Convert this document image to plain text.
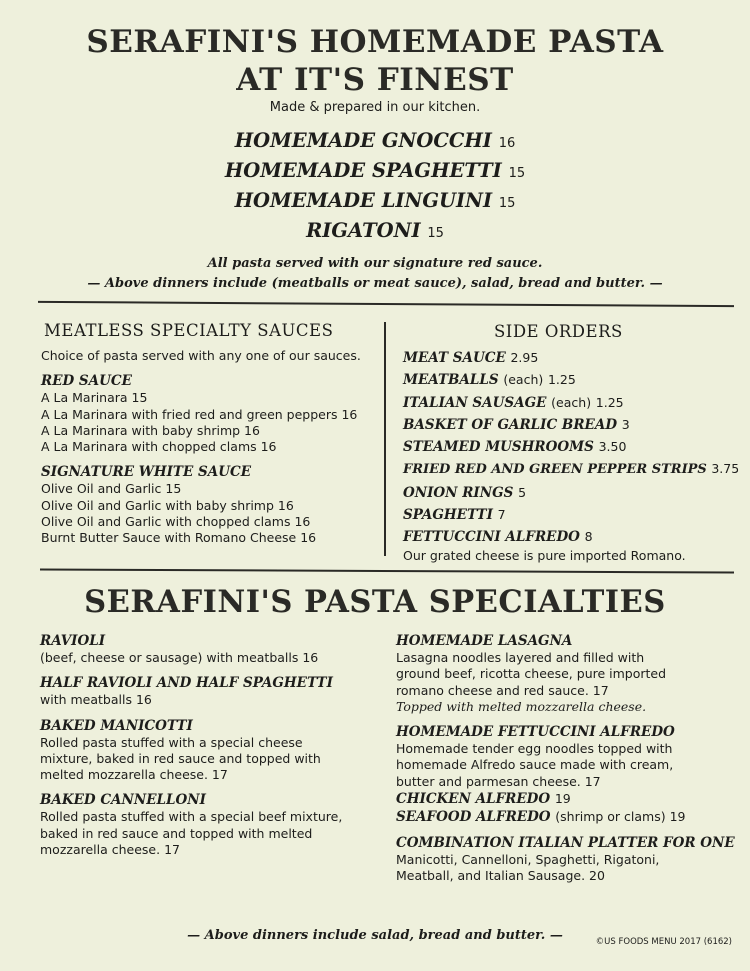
SERAFINI'S HOMEMADE PASTA
AT IT'S FINEST
Made & prepared in our kitchen.
HOMEMADE GNOCCHI 16
HOMEMADE SPAGHETTI 15
HOMEMADE LINGUINI 15
RIGATONI 15
All pasta served with our signature red sauce.
— Above dinners include (meatballs or meat sauce), salad, bread and butter. —
MEATLESS SPECIALTY SAUCES
Choice of pasta served with any one of our sauces.
RED SAUCE
A La Marinara 15
A La Marinara with fried red and green peppers 16
A La Marinara with baby shrimp 16
A La Marinara with chopped clams 16
SIGNATURE WHITE SAUCE
Olive Oil and Garlic 15
Olive Oil and Garlic with baby shrimp 16
Olive Oil and Garlic with chopped clams 16
Burnt Butter Sauce with Romano Cheese 16
SIDE ORDERS
MEAT SAUCE 2.95
MEATBALLS (each) 1.25
ITALIAN SAUSAGE (each) 1.25
BASKET OF GARLIC BREAD 3
STEAMED MUSHROOMS 3.50
FRIED RED AND GREEN PEPPER STRIPS 3.75
ONION RINGS 5
SPAGHETTI 7
FETTUCCINI ALFREDO 8
Our grated cheese is pure imported Romano.
SERAFINI'S PASTA SPECIALTIES
RAVIOLI
(beef, cheese or sausage) with meatballs 16
HALF RAVIOLI AND HALF SPAGHETTI
with meatballs 16
BAKED MANICOTTI
Rolled pasta stuffed with a special cheese
mixture, baked in red sauce and topped with
melted mozzarella cheese. 17
BAKED CANNELLONI
Rolled pasta stuffed with a special beef mixture,
baked in red sauce and topped with melted
mozzarella cheese. 17
HOMEMADE LASAGNA
Lasagna noodles layered and filled with
ground beef, ricotta cheese, pure imported
romano cheese and red sauce. 17
Topped with melted mozzarella cheese.
HOMEMADE FETTUCCINI ALFREDO
Homemade tender egg noodles topped with
homemade Alfredo sauce made with cream,
butter and parmesan cheese. 17
CHICKEN ALFREDO 19
SEAFOOD ALFREDO (shrimp or clams) 19
COMBINATION ITALIAN PLATTER FOR ONE
Manicotti, Cannelloni, Spaghetti, Rigatoni,
Meatball, and Italian Sausage. 20
— Above dinners include salad, bread and butter. —	©US FOODS MENU 2017 (6162)
